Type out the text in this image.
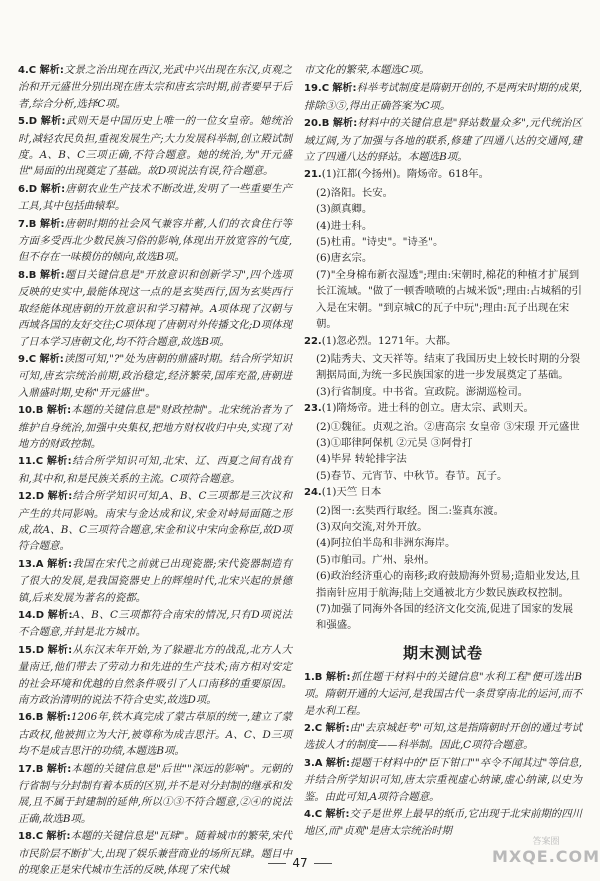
4.C 解析:文景之治出现在西汉,光武中兴出现在东汉,贞观之治和开元盛世分别出现在唐太宗和唐玄宗时期,前者要早于后者,综合分析,选择C项。
5.D 解析:武则天是中国历史上唯一的一位女皇帝。她统治时,减轻农民负担,重视发展生产;大力发展科举制,创立殿试制度。A、B、C三项正确,不符合题意。她的统治,为"开元盛世"局面的出现奠定了基础。故D项说法有误,符合题意。
6.D 解析:唐朝农业生产技术不断改进,发明了一些重要生产工具,其中包括曲辕犁。
7.B 解析:唐朝时期的社会风气兼容并蓄,人们的衣食住行等方面多受西北少数民族习俗的影响,体现出开放宽容的气度,但不存在一味模仿的倾向,故选B项。
8.B 解析:题目关键信息是"开放意识和创新学习",四个选项反映的史实中,最能体现这一点的是玄奘西行,因为玄奘西行取经能体现唐朝的开放意识和学习精神。A项体现了汉朝与西域各国的友好交往;C项体现了唐朝对外传播文化;D项体现了日本学习唐朝文化,均不符合题意,故选B项。
9.C 解析:读图可知,"?"处为唐朝的鼎盛时期。结合所学知识可知,唐玄宗统治前期,政治稳定,经济繁荣,国库充盈,唐朝进入鼎盛时期,史称"开元盛世"。
10.B 解析:本题的关键信息是"财政控制"。北宋统治者为了维护自身统治,加强中央集权,把地方财权收归中央,实现了对地方的财政控制。
11.C 解析:结合所学知识可知,北宋、辽、西夏之间有战有和,其中和,和是民族关系的主流。C项符合题意。
12.D 解析:结合所学知识可知,A、B、C三项都是三次议和产生的共同影响。南宋与金达成和议,宋金对峙局面随之形成,故A、B、C三项符合题意,宋金和议中宋向金称臣,故D项符合题意。
13.A 解析:我国在宋代之前就已出现瓷器;宋代瓷器制造有了很大的发展,是我国瓷器史上的辉煌时代,北宋兴起的景德镇,后来发展为著名的瓷都。
14.D 解析:A、B、C三项都符合南宋的情况,只有D项说法不合题意,并封是北方城市。
15.D 解析:从东汉末年开始,为了躲避北方的战乱,北方人大量南迁,他们带去了劳动力和先进的生产技术;南方相对安定的社会环境和优越的自然条件吸引了人口南移的重要原因。南方政治清明的说法不符合史实,故选D项。
16.B 解析:1206年,铁木真完成了蒙古草原的统一,建立了蒙古政权,他被拥立为大汗,被尊称为成吉思汗。A、C、D三项均不是成吉思汗的功绩,本题选B项。
17.B 解析:本题的关键信息是"后世""深远的影响"。元朝的行省制与分封制有着本质的区别,并不是对分封制的继承和发展,且不属于封建制的延伸,所以①③不符合题意,②④的说法正确,故选B项。
18.C 解析:本题的关键信息是"瓦肆"。随着城市的繁荣,宋代市民阶层不断扩大,出现了娱乐兼营商业的场所瓦肆。题目中的现象正是宋代城市生活的反映,体现了宋代城
市文化的繁荣,本题选C项。
19.C 解析:科举考试制度是隋朝开创的,不是两宋时期的成果,排除③⑤,得出正确答案为C项。
20.B 解析:材料中的关键信息是"驿站数量众多",元代统治区域辽阔,为了加强与各地的联系,修建了四通八达的交通网,建立了四通八达的驿站。本题选B项。
21.(1)江都(今扬州)。隋炀帝。618年。
(2)洛阳。长安。
(3)颜真卿。
(4)进士科。
(5)杜甫。"诗史"。"诗圣"。
(6)唐玄宗。
(7)"全身棉布新衣湿透";理由:宋朝时,棉花的种植才扩展到长江流域。"做了一顿香喷喷的占城米饭";理由:占城稻的引入是在宋朝。"到京城C的瓦子中玩";理由:瓦子出现在宋朝。
22.(1)忽必烈。1271年。大都。
(2)陆秀夫、文天祥等。结束了我国历史上较长时期的分裂割据局面,为统一多民族国家的进一步发展奠定了基础。
(3)行省制度。中书省。宣政院。澎湖巡检司。
23.(1)隋炀帝。进士科的创立。唐太宗、武则天。
(2)①魏征。贞观之治。②唐高宗 女皇帝 ③宋璟 开元盛世
(3)①耶律阿保机 ②元昊 ③阿骨打
(4)毕昇 转轮排字法
(5)春节、元宵节、中秋节。春节。瓦子。
24.(1)天竺 日本
(2)图一:玄奘西行取经。图二:鉴真东渡。
(3)双向交流,对外开放。
(4)阿拉伯半岛和非洲东海岸。
(5)市舶司。广州、泉州。
(6)政治经济重心的南移;政府鼓励海外贸易;造船业发达,且指南针应用于航海;陆上交通被北方少数民族政权控制。
(7)加强了同海外各国的经济文化交流,促进了国家的发展和强盛。
期末测试卷
1.B 解析:抓住题干材料中的关键信息"水利工程"便可选出B项。隋朝开通的大运河,是我国古代一条贯穿南北的运河,而不是水利工程。
2.C 解析:由"去京城赶考"可知,这是指隋朝时开创的通过考试选拔人才的制度——科举制。因此,C项符合题意。
3.A 解析:提题干材料中的"臣下钳口""卒令不闻其过"等信息,并结合所学知识可知,唐太宗重视虚心纳谏,虚心纳谏,以史为鉴。由此可知,A项符合题意。
4.C 解析:交子是世界上最早的纸币,它出现于北宋前期的四川地区,而"贞观"是唐太宗统治时期
47
答案圈
MXQE.COM
